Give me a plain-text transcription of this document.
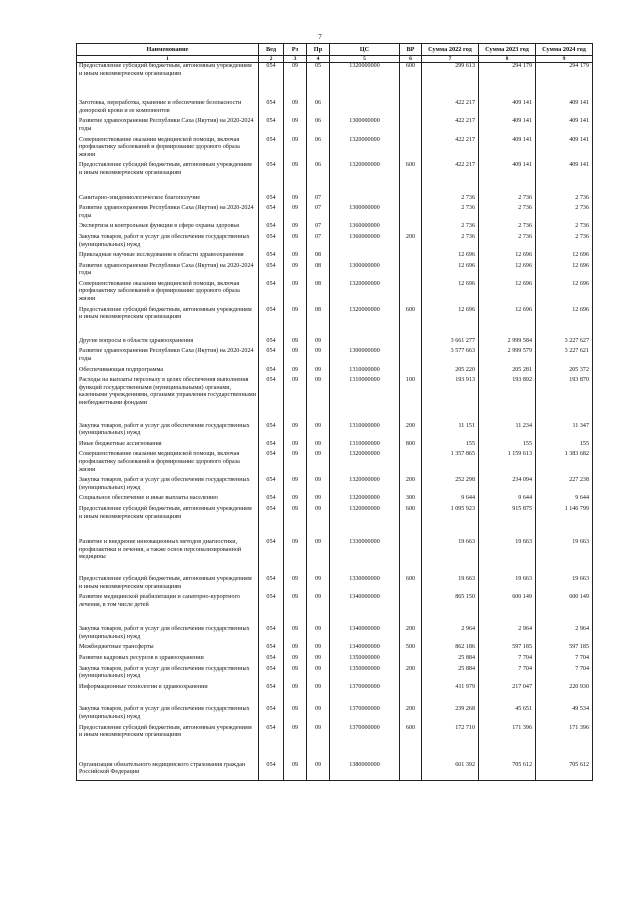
7
Наименование	Вед	Рз	Пр	ЦС	ВР	Сумма 2022 год	Сумма 2023 год	Сумма 2024 год
1	2	3	4	5	6	7	8	9
Предоставление субсидий бюджетным, автономным учреждениям и иным некоммерческим организациям	054	09	05	1320000000	600	299 613	294 179	294 179
Заготовка, переработка, хранение и обеспечение безопасности донорской крови и ее компонентов	054	09	06			422 217	409 141	409 141
Развитие здравоохранения Республики Саха (Якутия) на 2020-2024 годы	054	09	06	1300000000		422 217	409 141	409 141
Совершенствование оказания медицинской помощи, включая профилактику заболеваний и формирование здорового образа жизни	054	09	06	1320000000		422 217	409 141	409 141
Предоставление субсидий бюджетным, автономным учреждениям и иным некоммерческим организациям	054	09	06	1320000000	600	422 217	409 141	409 141
Санитарно-эпидемиологическое благополучие	054	09	07			2 736	2 736	2 736
Развитие здравоохранения Республики Саха (Якутия) на 2020-2024 годы	054	09	07	1300000000		2 736	2 736	2 736
Экспертиза и контрольные функции в сфере охраны здоровья	054	09	07	1360000000		2 736	2 736	2 736
Закупка товаров, работ и услуг для обеспечения государственных (муниципальных) нужд	054	09	07	1360000000	200	2 736	2 736	2 736
Прикладные научные исследования в области здравоохранения	054	09	08			12 696	12 696	12 696
Развитие здравоохранения Республики Саха (Якутия) на 2020-2024 годы	054	09	08	1300000000		12 696	12 696	12 696
Совершенствование оказания медицинской помощи, включая профилактику заболеваний и формирование здорового образа жизни	054	09	08	1320000000		12 696	12 696	12 696
Предоставление субсидий бюджетным, автономным учреждениям и иным некоммерческим организациям	054	09	08	1320000000	600	12 696	12 696	12 696
Другие вопросы в области здравоохранения	054	09	09			3 661 277	2 999 584	3 227 627
Развитие здравоохранения Республики Саха (Якутия) на 2020-2024 годы	054	09	09	1300000000		3 577 663	2 999 579	3 227 621
Обеспечивающая подпрограмма	054	09	09	1310000000		205 220	205 281	205 372
Расходы на выплаты персоналу в целях обеспечения выполнения функций государственными (муниципальными) органами, казенными учреждениями, органами управления государственными внебюджетными фондами	054	09	09	1310000000	100	193 913	193 892	193 870
Закупка товаров, работ и услуг для обеспечения государственных (муниципальных) нужд	054	09	09	1310000000	200	11 151	11 234	11 347
Иные бюджетные ассигнования	054	09	09	1310000000	800	155	155	155
Совершенствование оказания медицинской помощи, включая профилактику заболеваний и формирование здорового образа жизни	054	09	09	1320000000		1 357 865	1 159 613	1 383 682
Закупка товаров, работ и услуг для обеспечения государственных (муниципальных) нужд	054	09	09	1320000000	200	252 298	234 094	227 238
Социальное обеспечение и иные выплаты населению	054	09	09	1320000000	300	9 644	9 644	9 644
Предоставление субсидий бюджетным, автономным учреждениям и иным некоммерческим организациям	054	09	09	1320000000	600	1 095 923	915 875	1 146 799
Развитие и внедрение инновационных методов диагностики, профилактики и лечения, а также основ персонализированной медицины	054	09	09	1330000000		19 663	19 663	19 663
Предоставление субсидий бюджетным, автономным учреждениям и иным некоммерческим организациям	054	09	09	1330000000	600	19 663	19 663	19 663
Развитие медицинской реабилитации и санаторно-курортного лечения, в том числе детей	054	09	09	1340000000		865 150	600 149	600 149
Закупка товаров, работ и услуг для обеспечения государственных (муниципальных) нужд	054	09	09	1340000000	200	2 964	2 964	2 964
Межбюджетные трансферты	054	09	09	1340000000	500	862 186	597 185	597 185
Развитие кадровых ресурсов в здравоохранении	054	09	09	1350000000		25 884	7 704	7 704
Закупка товаров, работ и услуг для обеспечения государственных (муниципальных) нужд	054	09	09	1350000000	200	25 884	7 704	7 704
Информационные технологии в здравоохранении	054	09	09	1370000000		411 979	217 047	220 930
Закупка товаров, работ и услуг для обеспечения государственных (муниципальных) нужд	054	09	09	1370000000	200	239 268	45 651	49 534
Предоставление субсидий бюджетным, автономным учреждениям и иным некоммерческим организациям	054	09	09	1370000000	600	172 710	171 396	171 396
Организация обязательного медицинского страхования граждан Российской Федерации	054	09	09	1380000000		601 392	705 612	705 612
